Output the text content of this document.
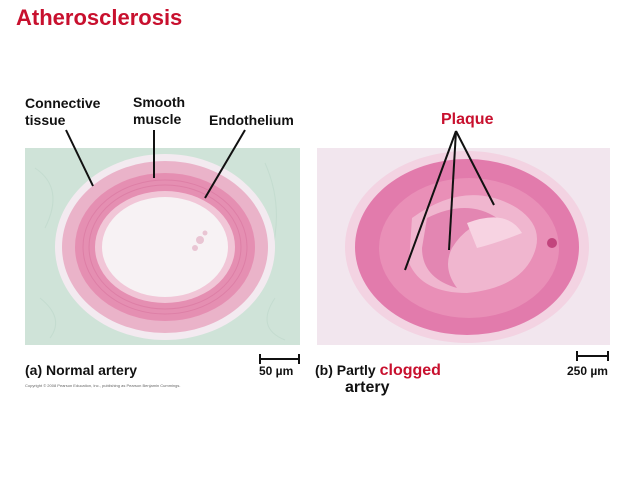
Atherosclerosis
Connective tissue
Smooth muscle	Endothelium	Plaque
(a) Normal artery
Copyright © 2008 Pearson Education, Inc., publishing as Pearson Benjamin Cummings.
50 µm (b) Partly clogged
artery
250 µm
